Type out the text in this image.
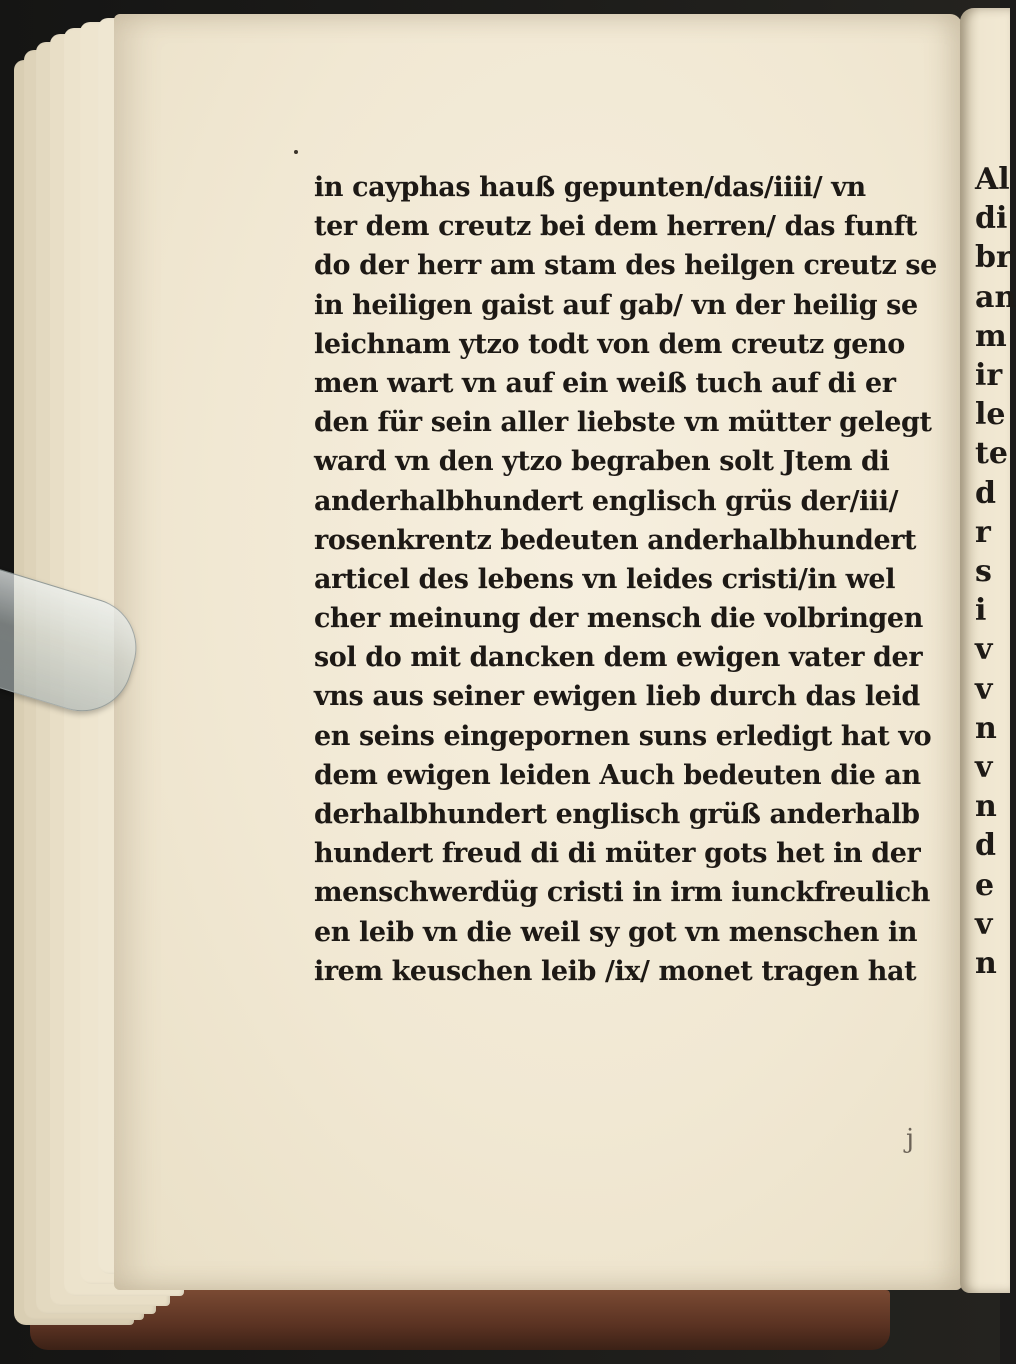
Al
di
br
an
m
ir
le
te
d
r
s
i
v
v
n
v
n
d
e
v
n
in cayphas hauß gepunten/das/iiii/ vn
ter dem creutz bei dem herren/ das funft
do der herr am stam des heilgen creutz se
in heiligen gaist auf gab/ vn der heilig se
leichnam ytzo todt von dem creutz geno
men wart vn auf ein weiß tuch auf di er
den für sein aller liebste vn mütter gelegt
ward vn den ytzo begraben solt Jtem di
anderhalbhundert englisch grüs der/iii/
rosenkrentz bedeuten anderhalbhundert
articel des lebens vn leides cristi/in wel
cher meinung der mensch die volbringen
sol do mit dancken dem ewigen vater der
vns aus seiner ewigen lieb durch das leid
en seins eingepornen suns erledigt hat vo
dem ewigen leiden Auch bedeuten die an
derhalbhundert englisch grüß anderhalb
hundert freud di di müter gots het in der
menschwerdüg cristi in irm iunckfreulich
en leib vn die weil sy got vn menschen in
irem keuschen leib /ix/ monet tragen hat
j
